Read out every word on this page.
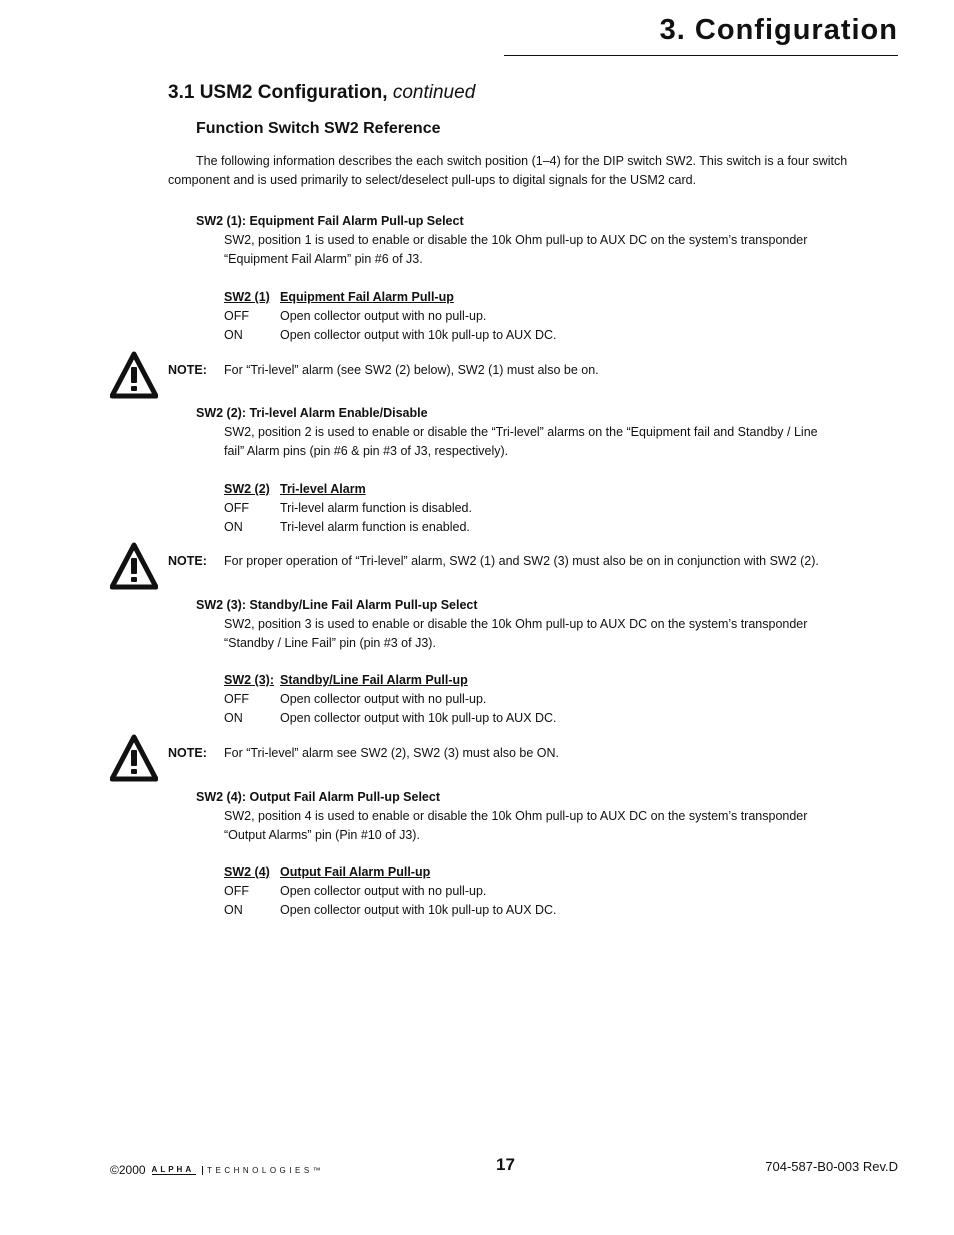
3. Configuration
3.1 USM2 Configuration, continued
Function Switch SW2 Reference

The following information describes the each switch position (1–4) for the DIP switch SW2. This switch is a four switch component and is used primarily to select/deselect pull-ups to digital signals for the USM2 card.

SW2 (1): Equipment Fail Alarm Pull-up Select

SW2, position 1 is used to enable or disable the 10k Ohm pull-up to AUX DC on the system’s transponder “Equipment Fail Alarm” pin #6 of J3.

SW2 (1) Equipment Fail Alarm Pull-up
OFF	Open collector output with no pull-up.
ON	Open collector output with 10k pull-up to AUX DC.
NOTE: For “Tri-level” alarm (see SW2 (2) below), SW2 (1) must also be on.
SW2 (2): Tri-level Alarm Enable/Disable

SW2, position 2 is used to enable or disable the “Tri-level” alarms on the “Equipment fail and Standby / Line fail” Alarm pins (pin #6 & pin #3 of J3, respectively).

SW2 (2) Tri-level Alarm
OFF	Tri-level alarm function is disabled.
ON	Tri-level alarm function is enabled.
NOTE: For proper operation of “Tri-level” alarm, SW2 (1) and SW2 (3) must also be on in conjunction with SW2 (2).
SW2 (3): Standby/Line Fail Alarm Pull-up Select

SW2, position 3 is used to enable or disable the 10k Ohm pull-up to AUX DC on the system’s transponder “Standby / Line Fail” pin (pin #3 of J3).

SW2 (3): Standby/Line Fail Alarm Pull-up
OFF	Open collector output with no pull-up.
ON	Open collector output with 10k pull-up to AUX DC.
NOTE: For “Tri-level” alarm see SW2 (2), SW2 (3) must also be ON.
SW2 (4): Output Fail Alarm Pull-up Select

SW2, position 4 is used to enable or disable the 10k Ohm pull-up to AUX DC on the system’s transponder “Output Alarms” pin (Pin #10 of J3).

SW2 (4) Output Fail Alarm Pull-up
OFF	Open collector output with no pull-up.
ON	Open collector output with 10k pull-up to AUX DC.
©2000 ALPHA	TECHNOLOGIES™	17	704-587-B0-003 Rev.D
